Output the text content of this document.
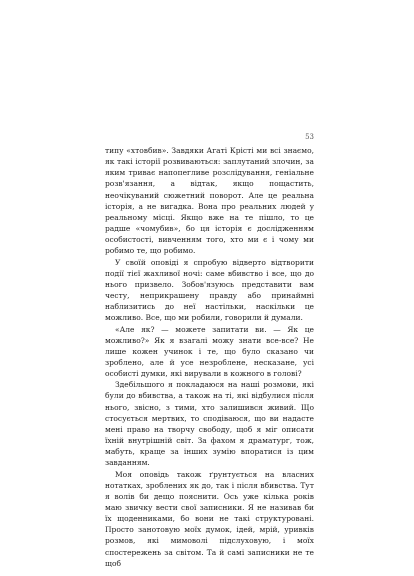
53

типу «хтовбив». Завдяки Агаті Крісті ми всі знаємо, як такі історії розвиваються: заплутаний злочин, за яким триває напопегливе розслідування, геніальне розв'язання, а відтак, якщо пощастить, неочікуваний сюжетний поворот. Але це реальна історія, а не вигадка. Вона про реальних людей у реальному місці. Якщо вже на те пішло, то це радше «чомубив», бо ця історія є дослідженням особистості, вивченням того, хто ми є і чому ми робимо те, що робимо.

У своїй оповіді я спробую відверто відтворити події тієї жахливої ночі: саме вбивство і все, що до нього призвело. Зобов'язуюсь представити вам честу, неприкрашену правду або принаймні наблизитись до неї настільки, наскільки це можливо. Все, що ми робили, говорили й думали.

«Але як? — можете запитати ви. — Як це можливо?» Як я взагалі можу знати все-все? Не лише кожен учинок і те, що було сказано чи зроблено, але й усе незроблене, несказане, усі особисті думки, які вирували в кожного в голові?

Здебільшого я покладаюся на наші розмови, які були до вбивства, а також на ті, які відбулися після нього, звісно, з тими, хто залишився живий. Що стосується мертвих, то сподіваюся, що ви надасте мені право на творчу свободу, щоб я міг описати їхній внутрішній світ. За фахом я драматург, тож, мабуть, краще за інших зумію впоратися із цим завданням.

Моя оповідь також ґрунтується на власних нотатках, зроблених як до, так і після вбивства. Тут я волів би дещо пояснити. Ось уже кілька років маю звичку вести свої записники. Я не називав би їх щоденниками, бо вони не такі структуровані. Просто занотовую моїх думок, ідей, мрій, уривків розмов, які мимоволі підслуховую, і моїх спостережень за світом. Та й самі записники не те щоб
